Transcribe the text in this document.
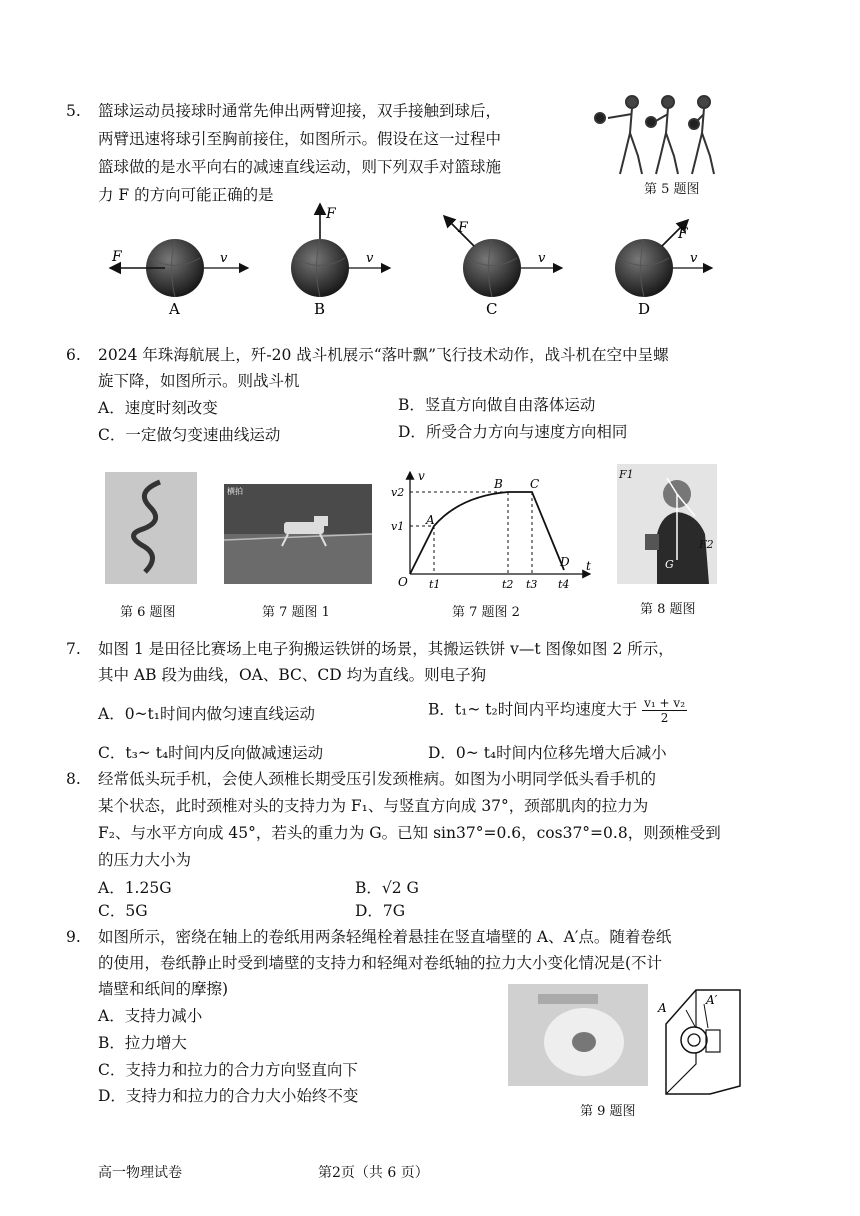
5. 篮球运动员接球时通常先伸出两臂迎接，双手接触到球后，
两臂迅速将球引至胸前接住，如图所示。假设在这一过程中
篮球做的是水平向右的减速直线运动，则下列双手对篮球施
力 F 的方向可能正确的是	第 5 题图
F	v
F
v
F
v
F
v
A	B	C	D
6. 2024 年珠海航展上，歼-20 战斗机展示“落叶飘”飞行技术动作，战斗机在空中呈螺
旋下降，如图所示。则战斗机
A．速度时刻改变	B．竖直方向做自由落体运动
C．一定做匀变速曲线运动	D．所受合力方向与速度方向相同
第 6 题图
横拍
第 7 题图 1
v
t
O
v2
v1
t1	t2 t3 t4
A
B C
D
第 7 题图 2
F1
F2
G
第 8 题图
7. 如图 1 是田径比赛场上电子狗搬运铁饼的场景，其搬运铁饼 v—t 图像如图 2 所示，
其中 AB 段为曲线，OA、BC、CD 均为直线。则电子狗
A．0~t₁时间内做匀速直线运动	B．t₁~ t₂时间内平均速度大于 $\frac{\text{v₁ + v₂}}{2}$
C．t₃~ t₄时间内反向做减速运动	D．0~ t₄时间内位移先增大后减小
8. 经常低头玩手机，会使人颈椎长期受压引发颈椎病。如图为小明同学低头看手机的
某个状态，此时颈椎对头的支持力为 F₁、与竖直方向成 37°，颈部肌肉的拉力为
F₂、与水平方向成 45°，若头的重力为 G。已知 sin37°=0.6，cos37°=0.8，则颈椎受到
的压力大小为
A．1.25G	B．√2 G
C．5G	D．7G
9. 如图所示，密绕在轴上的卷纸用两条轻绳栓着悬挂在竖直墙壁的 A、A′点。随着卷纸
的使用，卷纸静止时受到墙壁的支持力和轻绳对卷纸轴的拉力大小变化情况是(不计
墙壁和纸间的摩擦)
A．支持力减小
B．拉力增大
C．支持力和拉力的合力方向竖直向下
D．支持力和拉力的合力大小始终不变
A
A′
第 9 题图
高一物理试卷	第2页（共 6 页）
